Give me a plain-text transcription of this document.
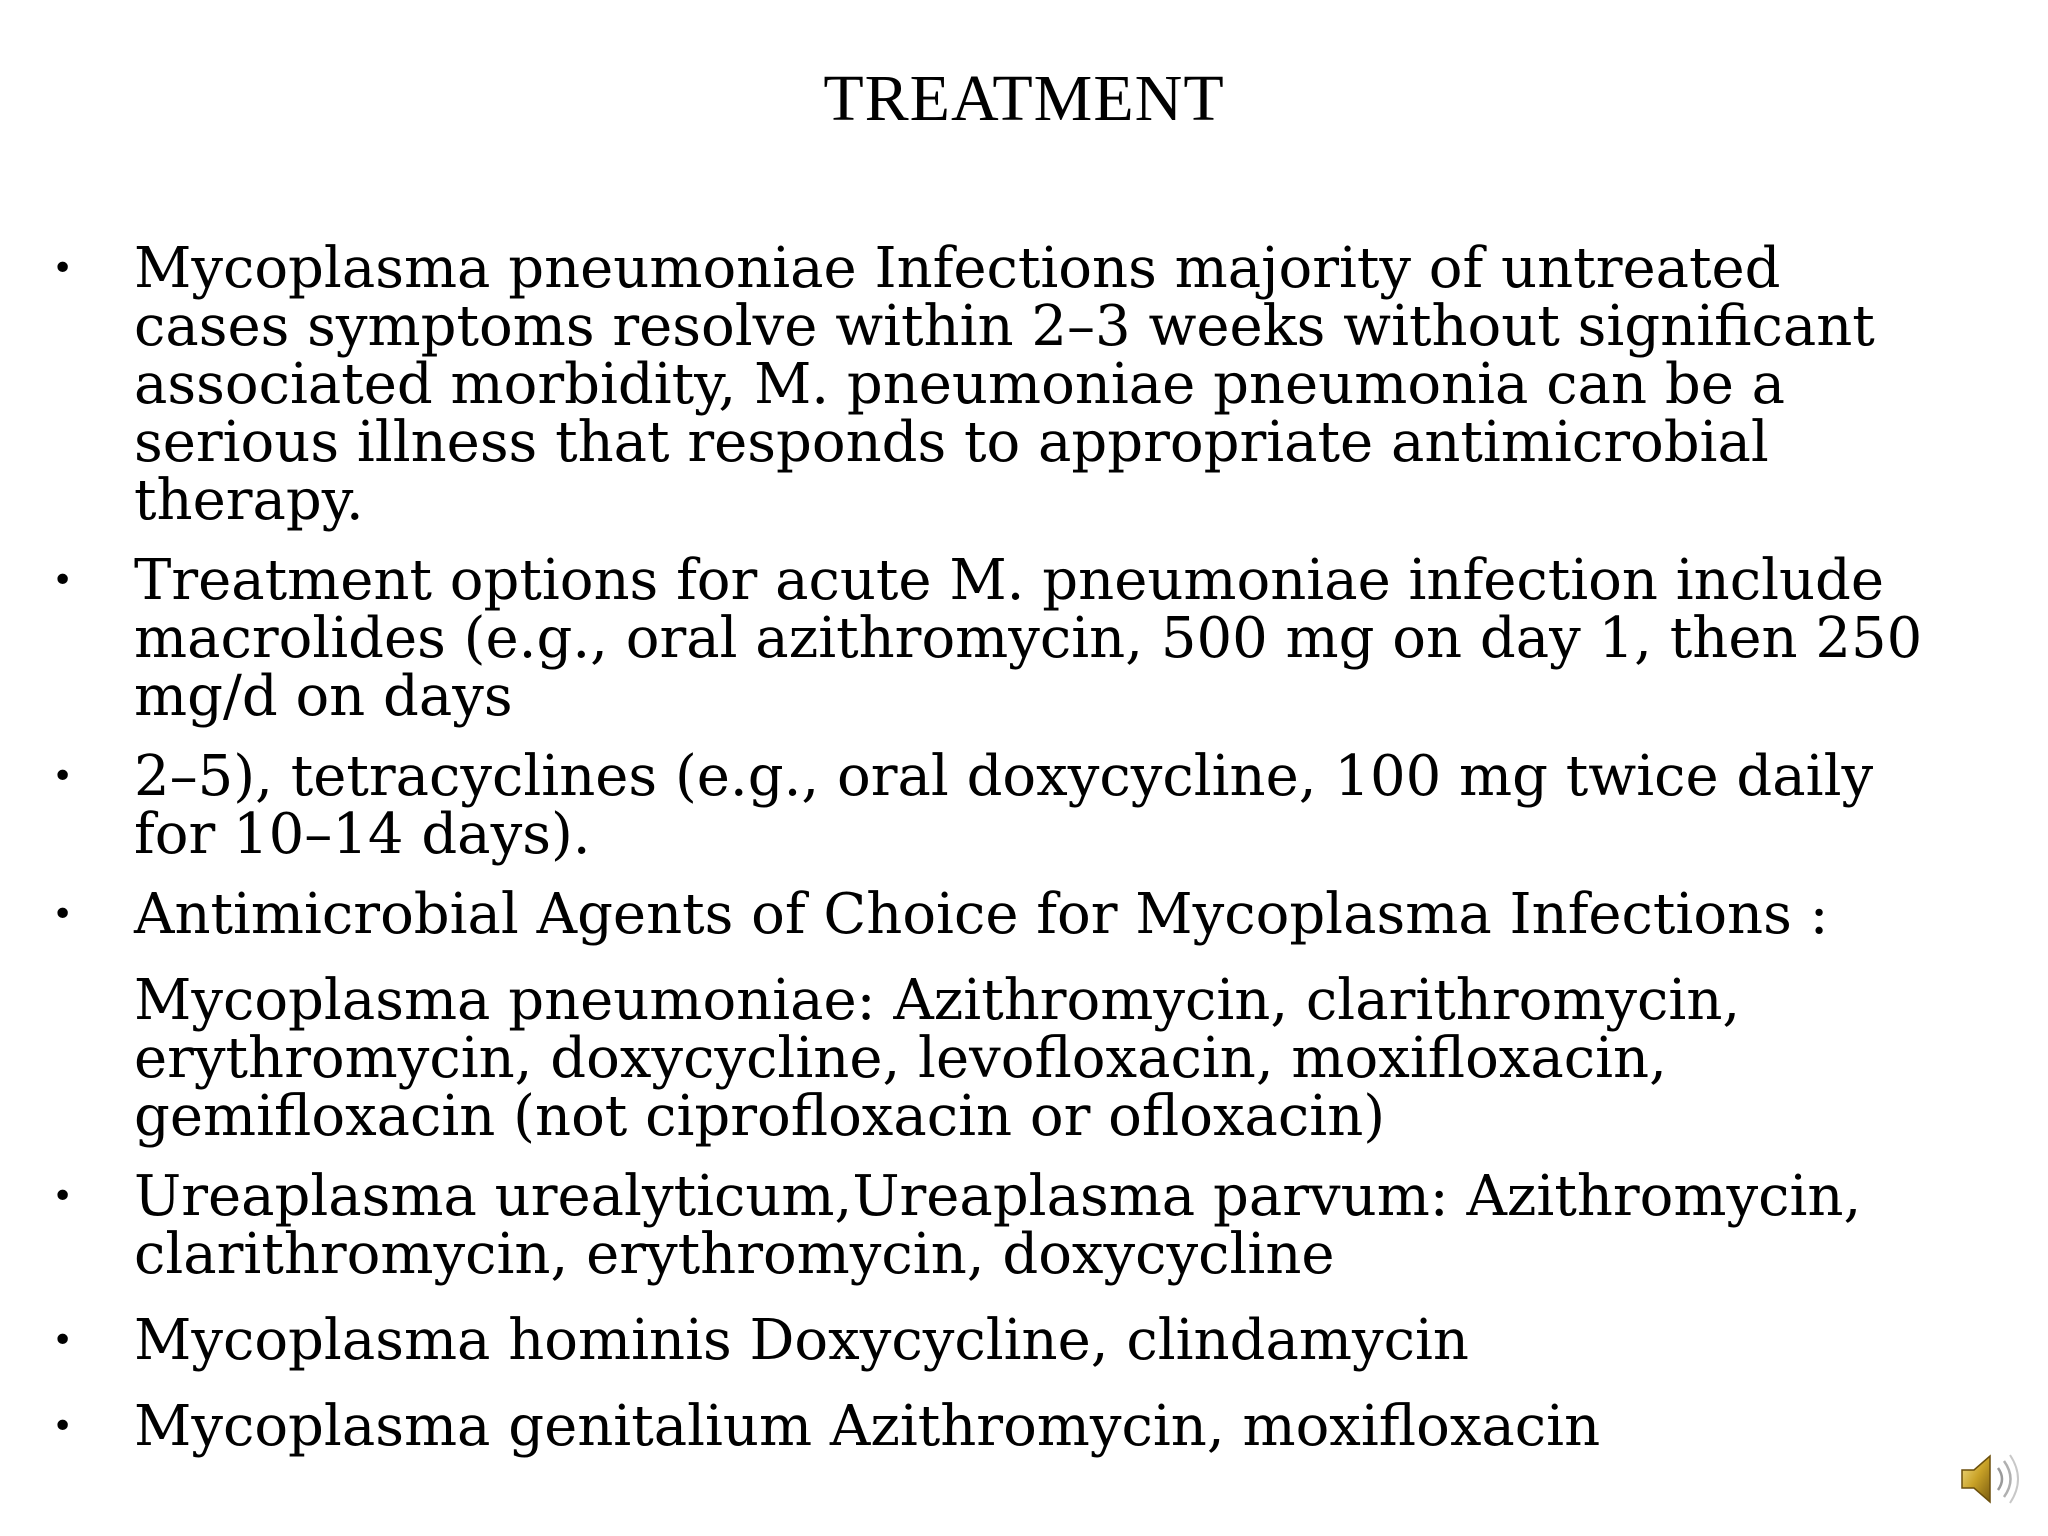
TREATMENT
•	Mycoplasma pneumoniae Infections majority of untreated
cases symptoms resolve within 2–3 weeks without significant
associated morbidity, M. pneumoniae pneumonia can be a
serious illness that responds to appropriate antimicrobial
therapy.
•	Treatment options for acute M. pneumoniae infection include
macrolides (e.g., oral azithromycin, 500 mg on day 1, then 250
mg/d on days
•	2–5), tetracyclines (e.g., oral doxycycline, 100 mg twice daily
for 10–14 days).
•	Antimicrobial Agents of Choice for Mycoplasma Infections :
Mycoplasma pneumoniae: Azithromycin, clarithromycin,
erythromycin, doxycycline, levofloxacin, moxifloxacin,
gemifloxacin (not ciprofloxacin or ofloxacin)
•	Ureaplasma urealyticum,Ureaplasma parvum: Azithromycin,
clarithromycin, erythromycin, doxycycline
•	Mycoplasma hominis Doxycycline, clindamycin
•	Mycoplasma genitalium Azithromycin, moxifloxacin
